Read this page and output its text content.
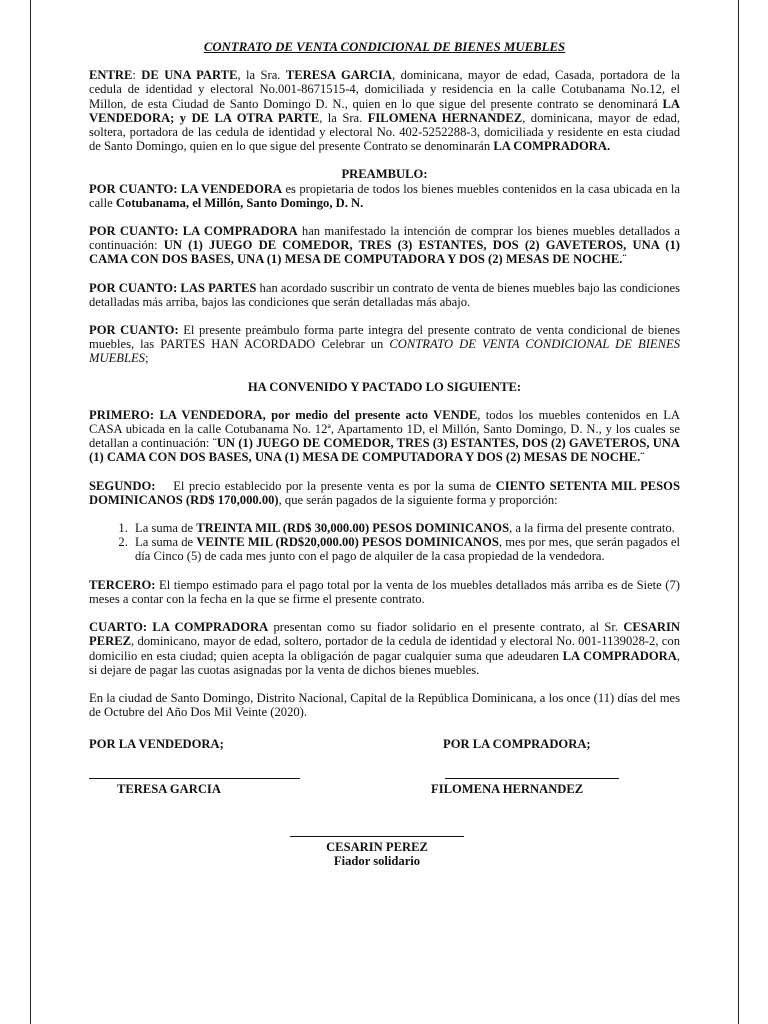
CONTRATO DE VENTA CONDICIONAL DE BIENES MUEBLES

ENTRE: DE UNA PARTE, la Sra. TERESA GARCIA, dominicana, mayor de edad, Casada, portadora de la cedula de identidad y electoral No.001-8671515-4, domiciliada y residencia en la calle Cotubanama No.12, el Millon, de esta Ciudad de Santo Domingo D. N., quien en lo que sigue del presente contrato se denominará LA VENDEDORA; y DE LA OTRA PARTE, la Sra. FILOMENA HERNANDEZ, dominicana, mayor de edad, soltera, portadora de las cedula de identidad y electoral No. 402-5252288-3, domiciliada y residente en esta ciudad de Santo Domingo, quien en lo que sigue del presente Contrato se denominarán LA COMPRADORA.

PREAMBULO:

POR CUANTO: LA VENDEDORA es propietaria de todos los bienes muebles contenidos en la casa ubicada en la calle Cotubanama, el Millón, Santo Domingo, D. N.

POR CUANTO: LA COMPRADORA han manifestado la intención de comprar los bienes muebles detallados a continuación: UN (1) JUEGO DE COMEDOR, TRES (3) ESTANTES, DOS (2) GAVETEROS, UNA (1) CAMA CON DOS BASES, UNA (1) MESA DE COMPUTADORA Y DOS (2) MESAS DE NOCHE.¨

POR CUANTO: LAS PARTES han acordado suscribir un contrato de venta de bienes muebles bajo las condiciones detalladas más arriba, bajos las condiciones que serán detalladas más abajo.

POR CUANTO: El presente preámbulo forma parte integra del presente contrato de venta condicional de bienes muebles, las PARTES HAN ACORDADO Celebrar un CONTRATO DE VENTA CONDICIONAL DE BIENES MUEBLES;

HA CONVENIDO Y PACTADO LO SIGUIENTE:

PRIMERO: LA VENDEDORA, por medio del presente acto VENDE, todos los muebles contenidos en LA CASA ubicada en la calle Cotubanama No. 12ª, Apartamento 1D, el Millón, Santo Domingo, D. N., y los cuales se detallan a continuación: ¨UN (1) JUEGO DE COMEDOR, TRES (3) ESTANTES, DOS (2) GAVETEROS, UNA (1) CAMA CON DOS BASES, UNA (1) MESA DE COMPUTADORA Y DOS (2) MESAS DE NOCHE.¨

SEGUNDO:    El precio establecido por la presente venta es por la suma de CIENTO SETENTA MIL PESOS DOMINICANOS (RD$ 170,000.00), que serán pagados de la siguiente forma y proporción:

1. La suma de TREINTA MIL (RD$ 30,000.00) PESOS DOMINICANOS, a la firma del presente contrato.
2. La suma de VEINTE MIL (RD$20,000.00) PESOS DOMINICANOS, mes por mes, que serán pagados el día Cinco (5) de cada mes junto con el pago de alquiler de la casa propiedad de la vendedora.

TERCERO: El tiempo estimado para el pago total por la venta de los muebles detallados más arriba es de Siete (7) meses a contar con la fecha en la que se firme el presente contrato.

CUARTO: LA COMPRADORA presentan como su fiador solidario en el presente contrato, al Sr. CESARIN PEREZ, dominicano, mayor de edad, soltero, portador de la cedula de identidad y electoral No. 001-1139028-2, con domicilio en esta ciudad; quien acepta la obligación de pagar cualquier suma que adeudaren LA COMPRADORA, si dejare de pagar las cuotas asignadas por la venta de dichos bienes muebles.

En la ciudad de Santo Domingo, Distrito Nacional, Capital de la República Dominicana, a los once (11) días del mes de Octubre del Año Dos Mil Veinte (2020).

POR LA VENDEDORA;	POR LA COMPRADORA;
TERESA GARCIA	FILOMENA HERNANDEZ
CESARIN PEREZ
Fiador solidario
